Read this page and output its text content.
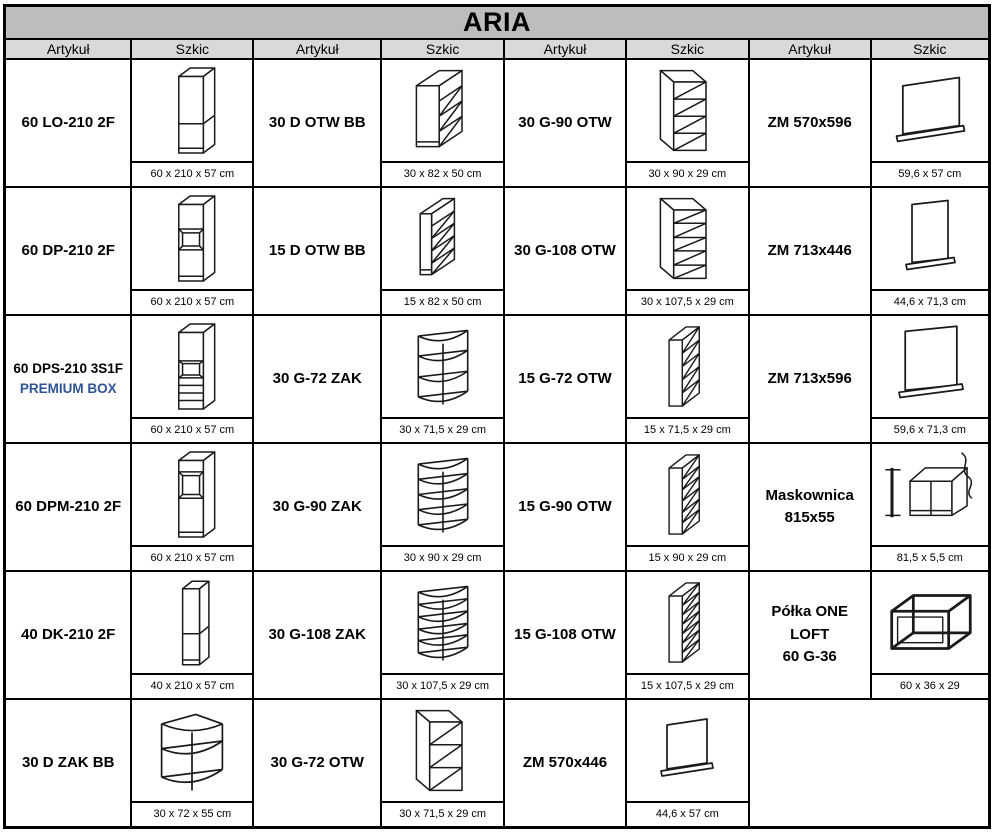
ARIA							
Artykuł	Szkic	Artykuł	Szkic	Artykuł	Szkic	Artykuł	Szkic
60 LO-210 2F	60 x 210 x 57 cm	30 D OTW BB	30 x 82 x 50 cm	30 G-90 OTW	30 x 90 x 29 cm	ZM 570x596	59,6 x 57 cm

60 DP-210 2F	60 x 210 x 57 cm	15 D OTW BB	15 x 82 x 50 cm	30 G-108 OTW	30 x 107,5 x 29 cm	ZM 713x446	44,6 x 71,3 cm

60 DPS-210 3S1F
PREMIUM BOX	60 x 210 x 57 cm	30 G-72 ZAK	30 x 71,5 x 29 cm	15 G-72 OTW	15 x 71,5 x 29 cm	ZM 713x596	59,6 x 71,3 cm

60 DPM-210 2F	60 x 210 x 57 cm	30 G-90 ZAK	30 x 90 x 29 cm	15 G-90 OTW	15 x 90 x 29 cm	Maskownica
815x55	81,5 x 5,5 cm

40 DK-210 2F	40 x 210 x 57 cm	30 G-108 ZAK	30 x 107,5 x 29 cm	15 G-108 OTW	15 x 107,5 x 29 cm	Półka ONE LOFT
60 G-36	60 x 36 x 29

30 D ZAK BB	30 x 72 x 55 cm	30 G-72 OTW	30 x 71,5 x 29 cm	ZM 570x446	44,6 x 57 cm		
